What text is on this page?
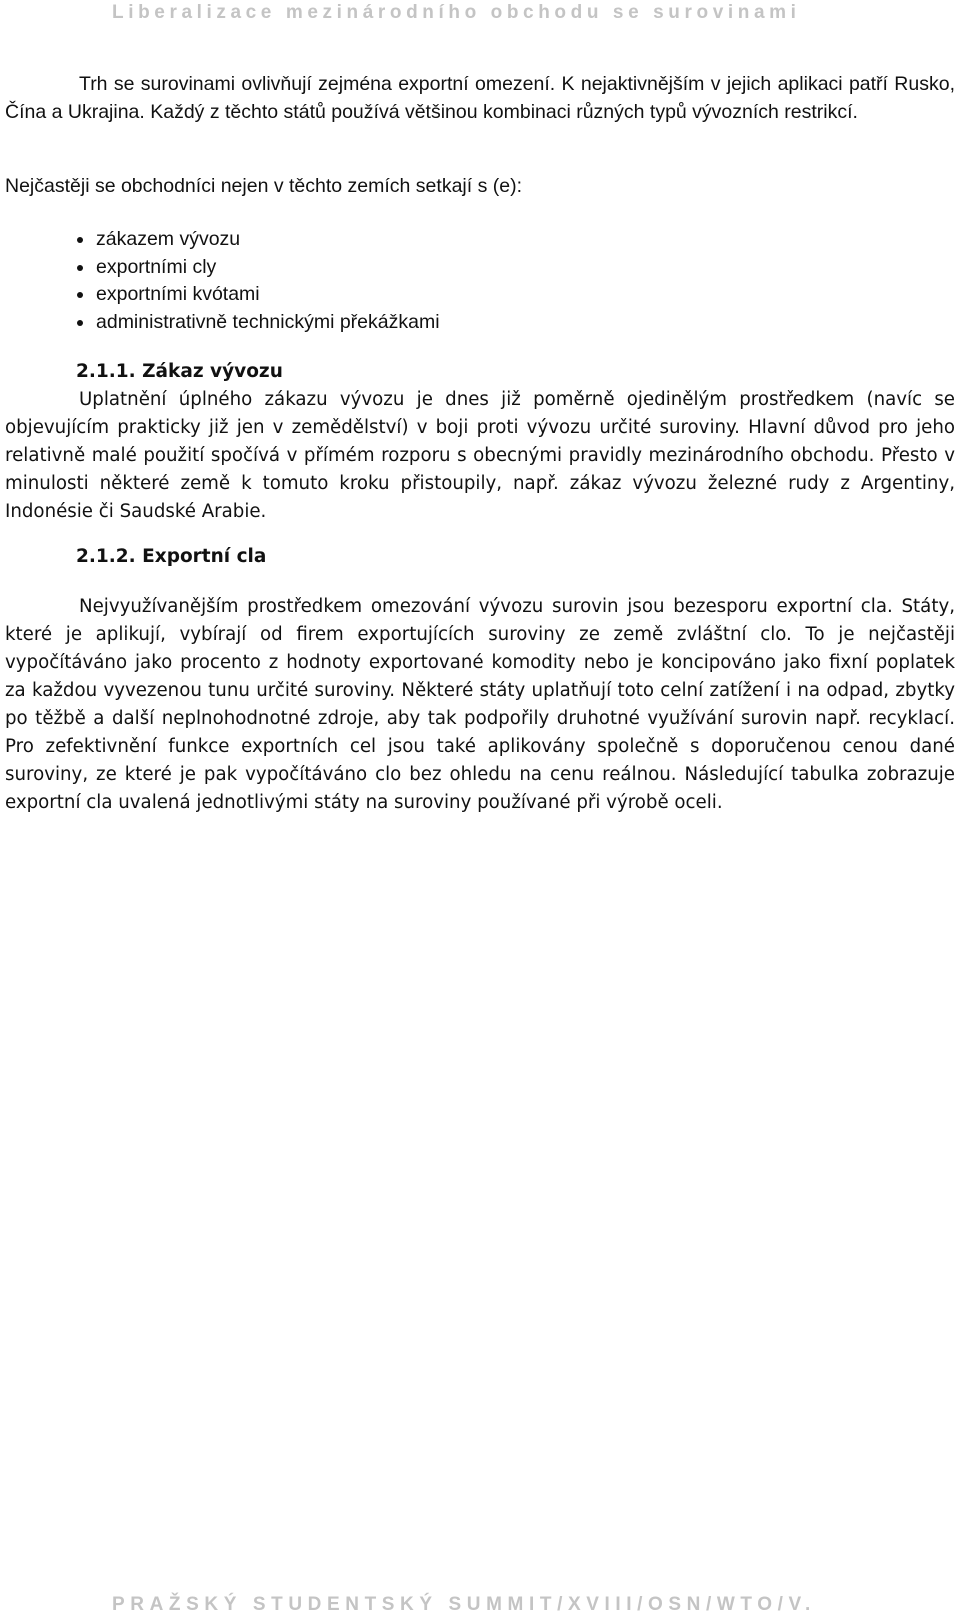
Liberalizace mezinárodního obchodu se surovinami

Trh se surovinami ovlivňují zejména exportní omezení. K nejaktivnějším v jejich aplikaci patří Rusko, Čína a Ukrajina. Každý z těchto států používá většinou kombinaci různých typů vývozních restrikcí.

Nejčastěji se obchodníci nejen v těchto zemích setkají s (e):

zákazem vývozu
exportními cly
exportními kvótami
administrativně technickými překážkami
2.1.1. Zákaz vývozu

Uplatnění úplného zákazu vývozu je dnes již poměrně ojedinělým prostředkem (navíc se objevujícím prakticky již jen v zemědělství) v boji proti vývozu určité suroviny. Hlavní důvod pro jeho relativně malé použití spočívá v přímém rozporu s obecnými pravidly mezinárodního obchodu. Přesto v minulosti některé země k tomuto kroku přistoupily, např. zákaz vývozu železné rudy z Argentiny, Indonésie či Saudské Arabie.

2.1.2. Exportní cla

Nejvyužívanějším prostředkem omezování vývozu surovin jsou bezesporu exportní cla. Státy, které je aplikují, vybírají od firem exportujících suroviny ze země zvláštní clo. To je nejčastěji vypočítáváno jako procento z hodnoty exportované komodity nebo je koncipováno jako fixní poplatek za každou vyvezenou tunu určité suroviny. Některé státy uplatňují toto celní zatížení i na odpad, zbytky po těžbě a další neplnohodnotné zdroje, aby tak podpořily druhotné využívání surovin např. recyklací. Pro zefektivnění funkce exportních cel jsou také aplikovány společně s doporučenou cenou dané suroviny, ze které je pak vypočítáváno clo bez ohledu na cenu reálnou. Následující tabulka zobrazuje exportní cla uvalená jednotlivými státy na suroviny používané při výrobě oceli.

PRAŽSKÝ STUDENTSKÝ SUMMIT/XVIII/OSN/WTO/V.
